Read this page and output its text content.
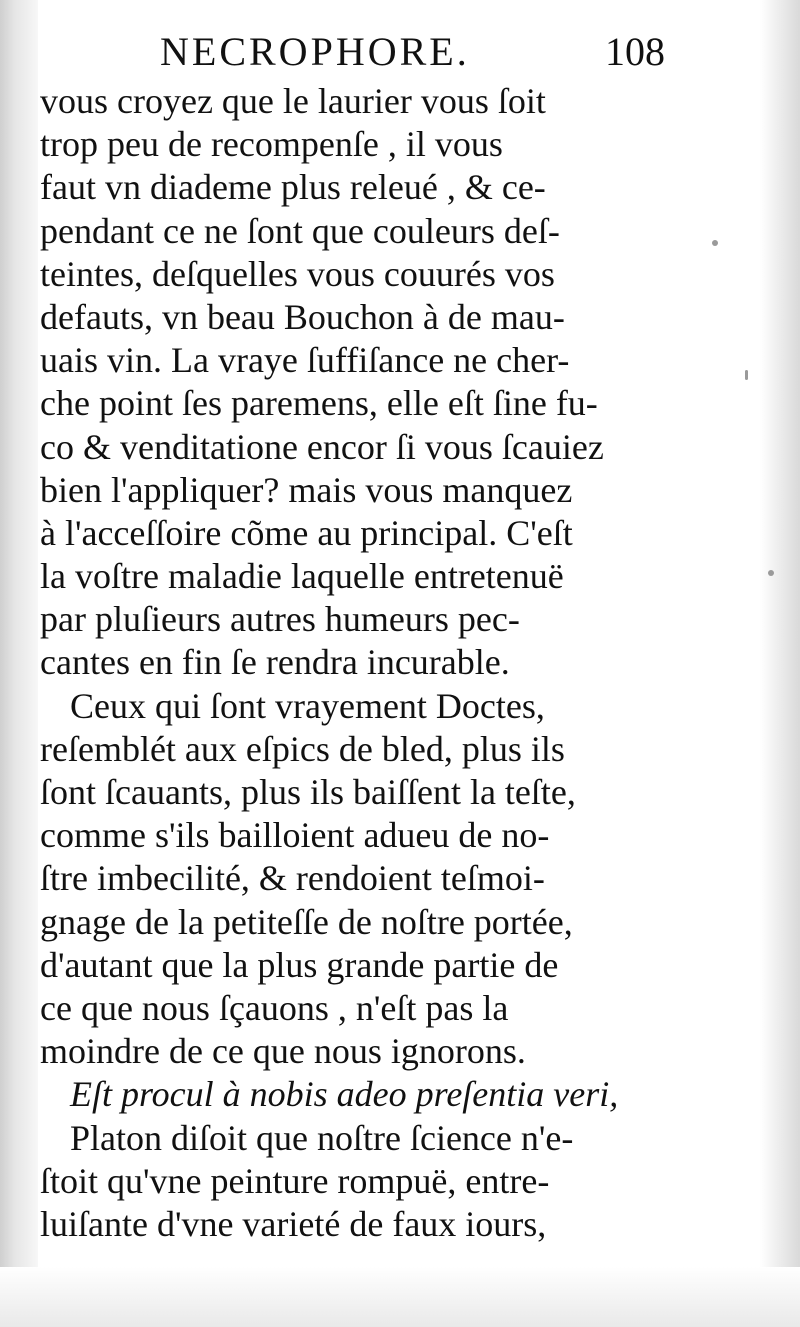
NECROPHORE.	108
vous croyez que le laurier vous ſoit
trop peu de recompenſe , il vous
faut vn diademe plus releué , & ce-
pendant ce ne ſont que couleurs deſ-
teintes, deſquelles vous couurés vos
defauts, vn beau Bouchon à de mau-
uais vin. La vraye ſuffiſance ne cher-
che point ſes paremens, elle eſt ſine fu-
co & venditatione encor ſi vous ſcauiez
bien l'appliquer? mais vous manquez
à l'acceſſoire cõme au principal. C'eſt
la voſtre maladie laquelle entretenuë
par pluſieurs autres humeurs pec-
cantes en fin ſe rendra incurable.
Ceux qui ſont vrayement Doctes,
reſemblét aux eſpics de bled, plus ils
ſont ſcauants, plus ils baiſſent la teſte,
comme s'ils bailloient adueu de no-
ſtre imbecilité, & rendoient teſmoi-
gnage de la petiteſſe de noſtre portée,
d'autant que la plus grande partie de
ce que nous ſçauons , n'eſt pas la
moindre de ce que nous ignorons.
Eſt procul à nobis adeo preſentia veri,
Platon diſoit que noſtre ſcience n'e-
ſtoit qu'vne peinture rompuë, entre-
luiſante d'vne varieté de faux iours,
